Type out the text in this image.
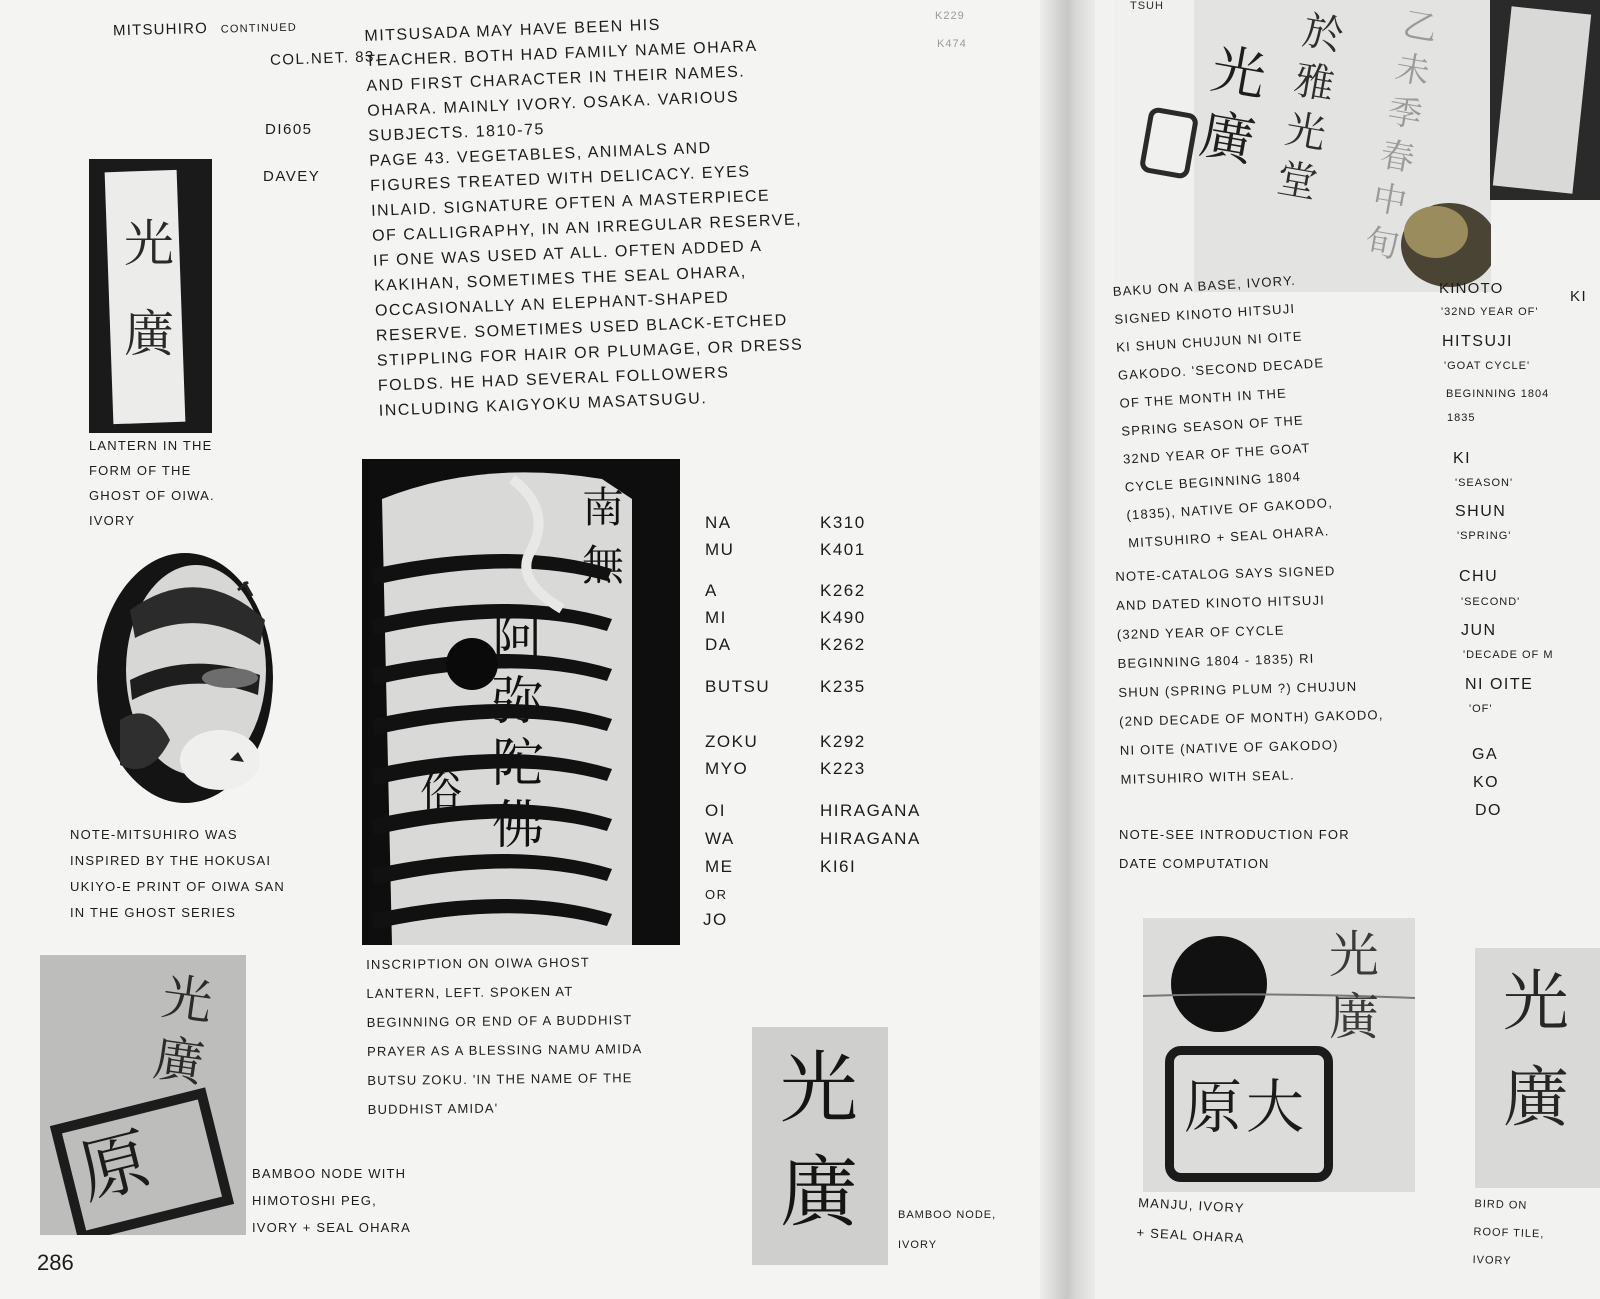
MITSUHIRO CONTINUED
K229
K474
COL.NET. 83.
DI605
DAVEY
MITSUSADA MAY HAVE BEEN HIS
TEACHER. BOTH HAD FAMILY NAME OHARA
AND FIRST CHARACTER IN THEIR NAMES.
OHARA. MAINLY IVORY. OSAKA. VARIOUS
SUBJECTS. 1810-75
PAGE 43. VEGETABLES, ANIMALS AND
FIGURES TREATED WITH DELICACY. EYES
INLAID. SIGNATURE OFTEN A MASTERPIECE
OF CALLIGRAPHY, IN AN IRREGULAR RESERVE,
IF ONE WAS USED AT ALL. OFTEN ADDED A
KAKIHAN, SOMETIMES THE SEAL OHARA,
OCCASIONALLY AN ELEPHANT-SHAPED
RESERVE. SOMETIMES USED BLACK-ETCHED
STIPPLING FOR HAIR OR PLUMAGE, OR DRESS
FOLDS. HE HAD SEVERAL FOLLOWERS
INCLUDING KAIGYOKU MASATSUGU.
光廣
LANTERN IN THE
FORM OF THE
GHOST OF OIWA.
IVORY
NOTE-MITSUHIRO WAS
INSPIRED BY THE HOKUSAI
UKIYO-E PRINT OF OIWA SAN
IN THE GHOST SERIES
阿弥陀佛
南無
俗
NA	K310
MU	K401
A	K262
MI	K490
DA	K262
BUTSU	K235
ZOKU	K292
MYO	K223
OI	HIRAGANA
WA	HIRAGANA
ME	KI6I
OR
JO
INSCRIPTION ON OIWA GHOST
LANTERN, LEFT. SPOKEN AT
BEGINNING OR END OF A BUDDHIST
PRAYER AS A BLESSING NAMU AMIDA
BUTSU ZOKU. 'IN THE NAME OF THE
BUDDHIST AMIDA'
光廣
原	BAMBOO NODE WITH
HIMOTOSHI PEG,
IVORY + SEAL OHARA
光廣	BAMBOO NODE,
IVORY
286
TSUH	乙未季春中旬
於雅光堂
光廣
BAKU ON A BASE, IVORY.
SIGNED KINOTO HITSUJI
KI SHUN CHUJUN NI OITE
GAKODO. 'SECOND DECADE
OF THE MONTH IN THE
SPRING SEASON OF THE
32ND YEAR OF THE GOAT
CYCLE BEGINNING 1804
(1835), NATIVE OF GAKODO,
MITSUHIRO + SEAL OHARA.
NOTE-CATALOG SAYS SIGNED
AND DATED KINOTO HITSUJI
(32ND YEAR OF CYCLE
BEGINNING 1804 - 1835) RI
SHUN (SPRING PLUM ?) CHUJUN
(2ND DECADE OF MONTH) GAKODO,
NI OITE (NATIVE OF GAKODO)
MITSUHIRO WITH SEAL.
NOTE-SEE INTRODUCTION FOR
DATE COMPUTATION
KINOTO	KI
'32ND YEAR OF'
HITSUJI
'GOAT CYCLE'
BEGINNING 1804
1835
KI
'SEASON'
SHUN
'SPRING'
CHU
'SECOND'
JUN
'DECADE OF M
NI OITE
'OF'
GA
KO
DO
光廣
原大
MANJU, IVORY
+ SEAL OHARA
光廣
BIRD ON
ROOF TILE,
IVORY
